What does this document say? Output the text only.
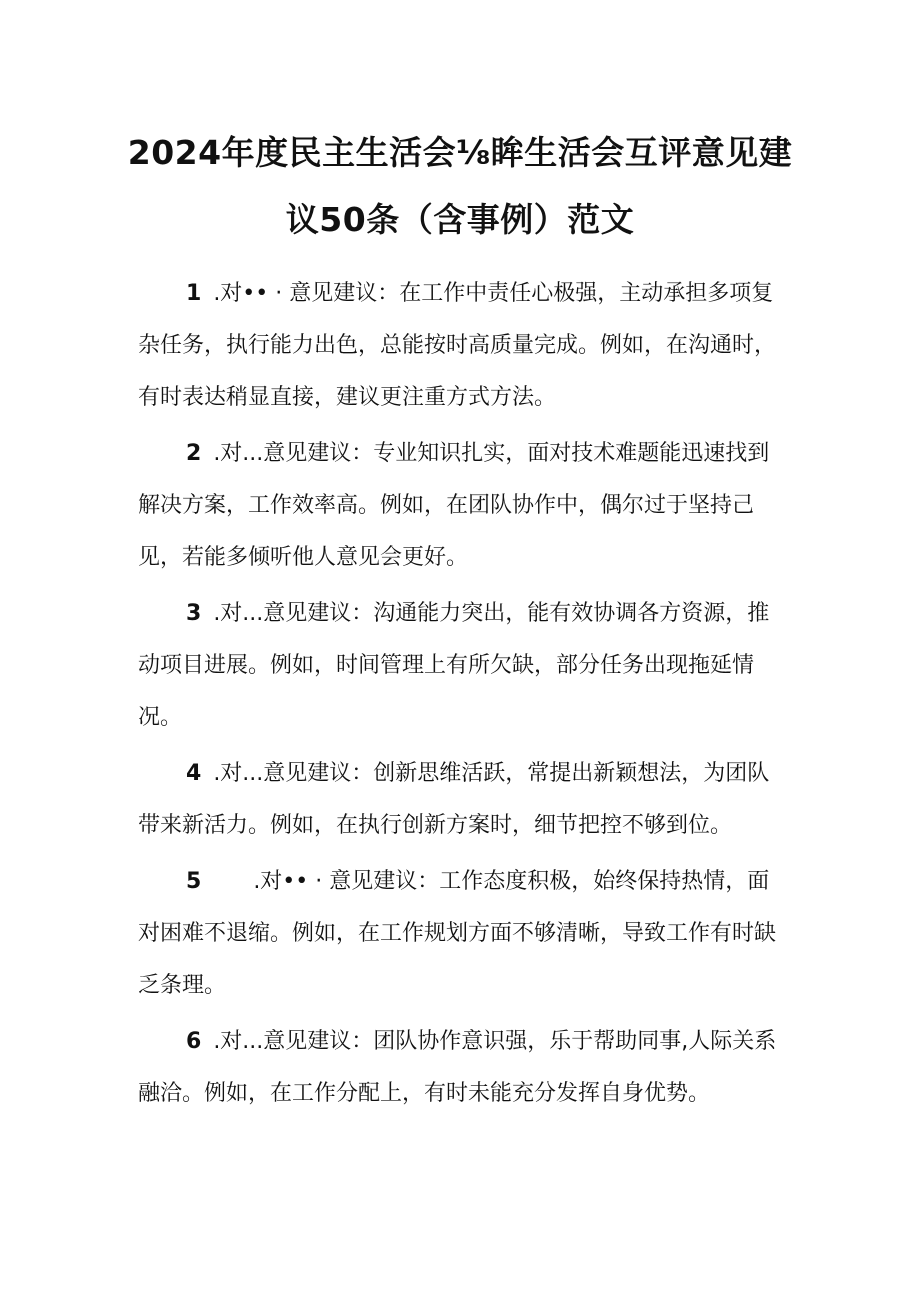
2024年度民主生活会⅛眸生活会互评意见建
议50条（含事例）范文

1 .对•• · 意见建议：在工作中责任心极强，主动承担多项复杂任务，执行能力出色，总能按时高质量完成。例如，在沟通时，有时表达稍显直接，建议更注重方式方法。

2 .对...意见建议：专业知识扎实，面对技术难题能迅速找到解决方案，工作效率高。例如，在团队协作中，偶尔过于坚持己见，若能多倾听他人意见会更好。

3 .对...意见建议：沟通能力突出，能有效协调各方资源，推动项目进展。例如，时间管理上有所欠缺，部分任务出现拖延情况。

4 .对...意见建议：创新思维活跃，常提出新颖想法，为团队带来新活力。例如，在执行创新方案时，细节把控不够到位。

5 .对•• · 意见建议：工作态度积极，始终保持热情，面对困难不退缩。例如，在工作规划方面不够清晰，导致工作有时缺乏条理。

6 .对...意见建议：团队协作意识强，乐于帮助同事,人际关系融洽。例如，在工作分配上，有时未能充分发挥自身优势。
